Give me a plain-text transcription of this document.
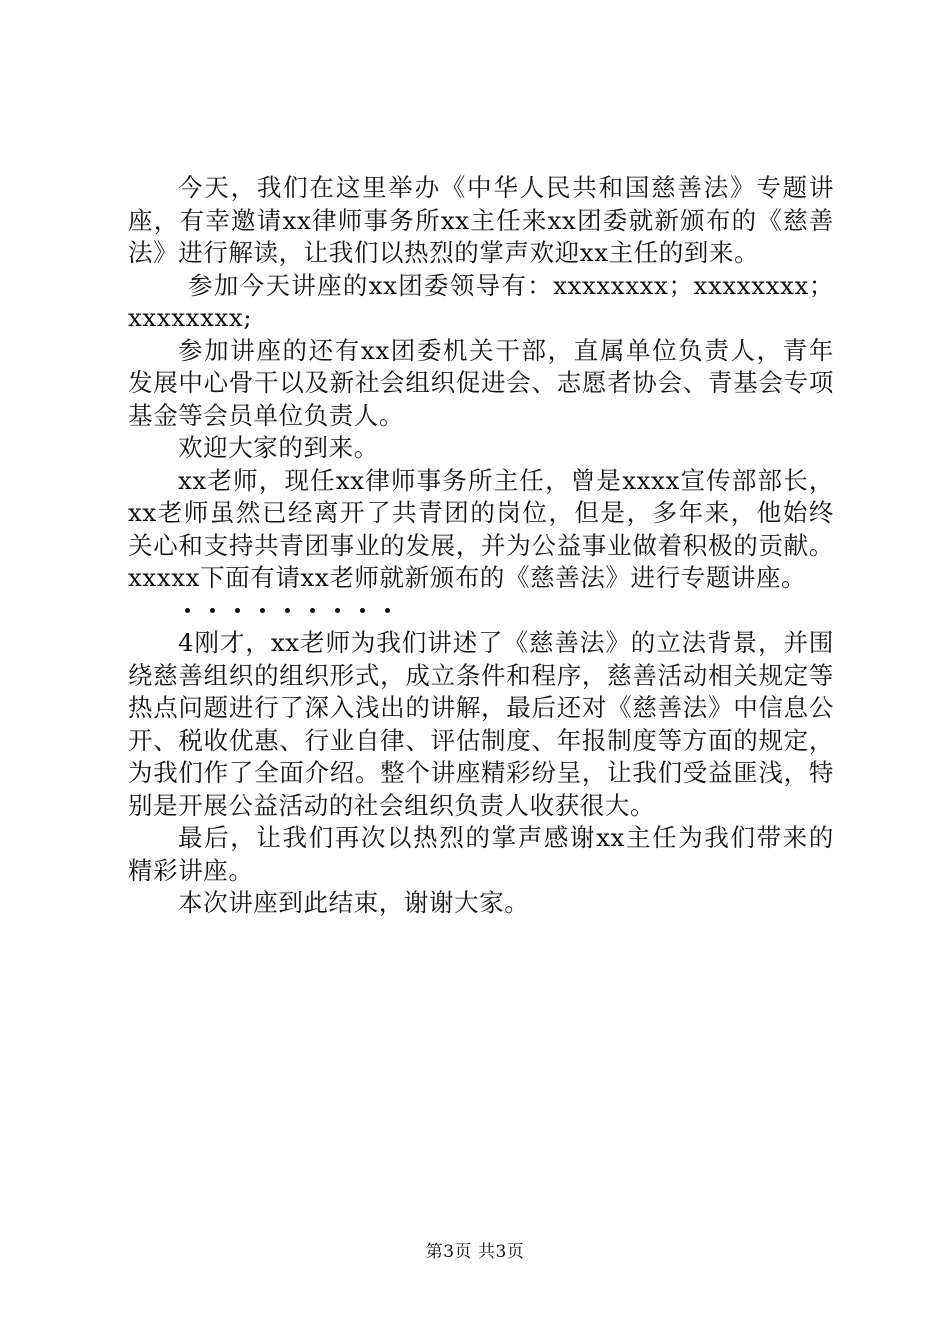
今天，我们在这里举办《中华人民共和国慈善法》专题讲座，有幸邀请xx律师事务所xx主任来xx团委就新颁布的《慈善法》进行解读，让我们以热烈的掌声欢迎xx主任的到来。

参加今天讲座的xx团委领导有：xxxxxxxx；xxxxxxxx；xxxxxxxx;

参加讲座的还有xx团委机关干部，直属单位负责人，青年发展中心骨干以及新社会组织促进会、志愿者协会、青基会专项基金等会员单位负责人。

欢迎大家的到来。

xx老师，现任xx律师事务所主任，曾是xxxx宣传部部长，xx老师虽然已经离开了共青团的岗位，但是，多年来，他始终关心和支持共青团事业的发展，并为公益事业做着积极的贡献。xxxxx下面有请xx老师就新颁布的《慈善法》进行专题讲座。

4刚才，xx老师为我们讲述了《慈善法》的立法背景，并围绕慈善组织的组织形式，成立条件和程序，慈善活动相关规定等热点问题进行了深入浅出的讲解，最后还对《慈善法》中信息公开、税收优惠、行业自律、评估制度、年报制度等方面的规定，为我们作了全面介绍。整个讲座精彩纷呈，让我们受益匪浅，特别是开展公益活动的社会组织负责人收获很大。

最后，让我们再次以热烈的掌声感谢xx主任为我们带来的精彩讲座。

本次讲座到此结束，谢谢大家。

第3页 共3页
